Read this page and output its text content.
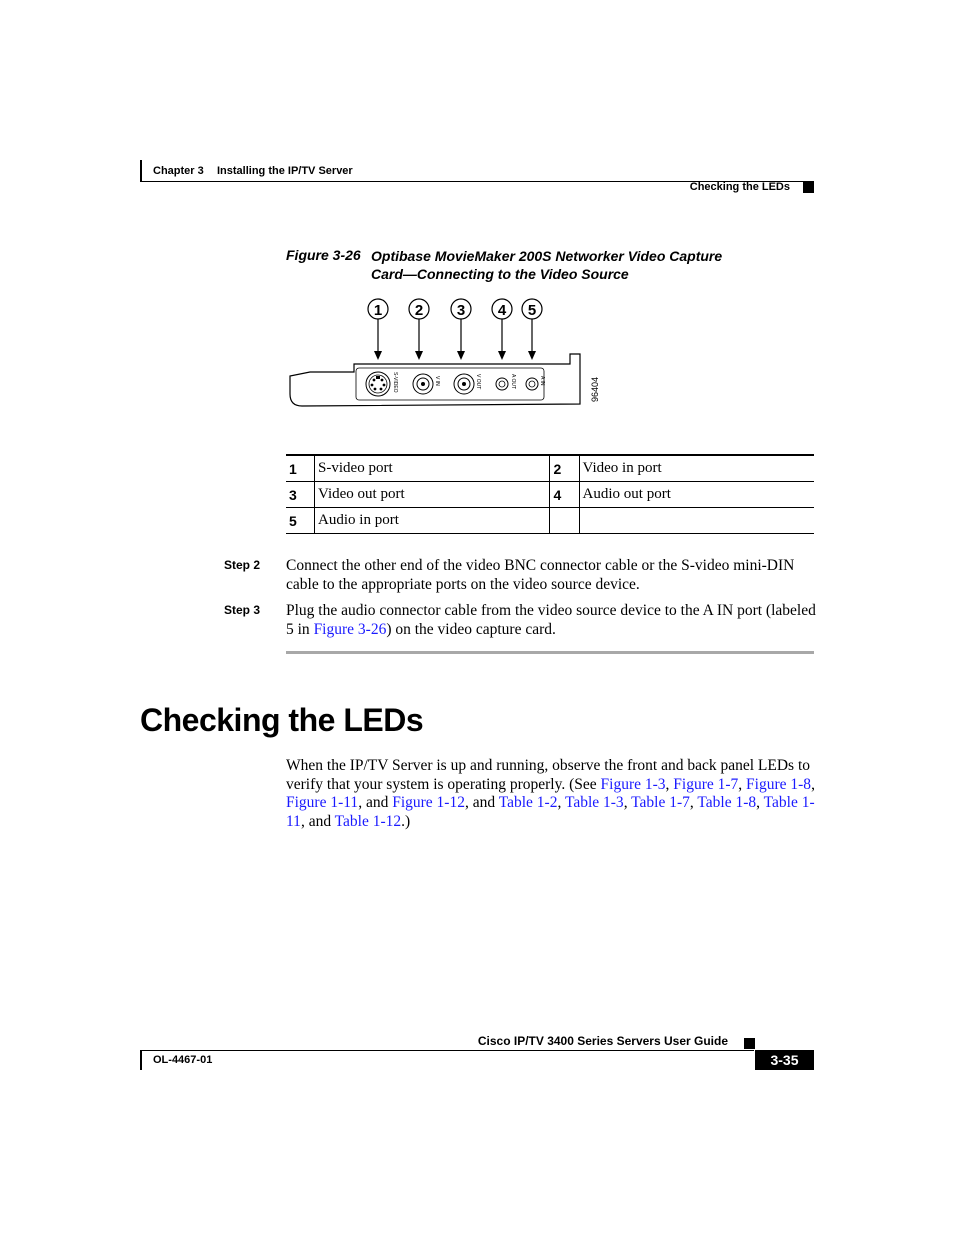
Chapter 3 Installing the IP/TV Server
Checking the LEDs
Figure 3-26 Optibase MovieMaker 200S Networker Video Capture Card—Connecting to the Video Source
1 2 3 4 5
S-VIDEO	V IN	V OUT	A OUT	A IN	96404
1	S-video port	2	Video in port
3	Video out port	4	Audio out port
5	Audio in port		
Step 2 Connect the other end of the video BNC connector cable or the S-video mini-DIN cable to the appropriate ports on the video source device.
Step 3 Plug the audio connector cable from the video source device to the A IN port (labeled 5 in Figure 3-26) on the video capture card.
Checking the LEDs
When the IP/TV Server is up and running, observe the front and back panel LEDs to verify that your system is operating properly. (See Figure 1-3, Figure 1-7, Figure 1-8, Figure 1-11, and Figure 1-12, and Table 1-2, Table 1-3, Table 1-7, Table 1-8, Table 1-11, and Table 1-12.)
Cisco IP/TV 3400 Series Servers User Guide
OL-4467-01	3-35
